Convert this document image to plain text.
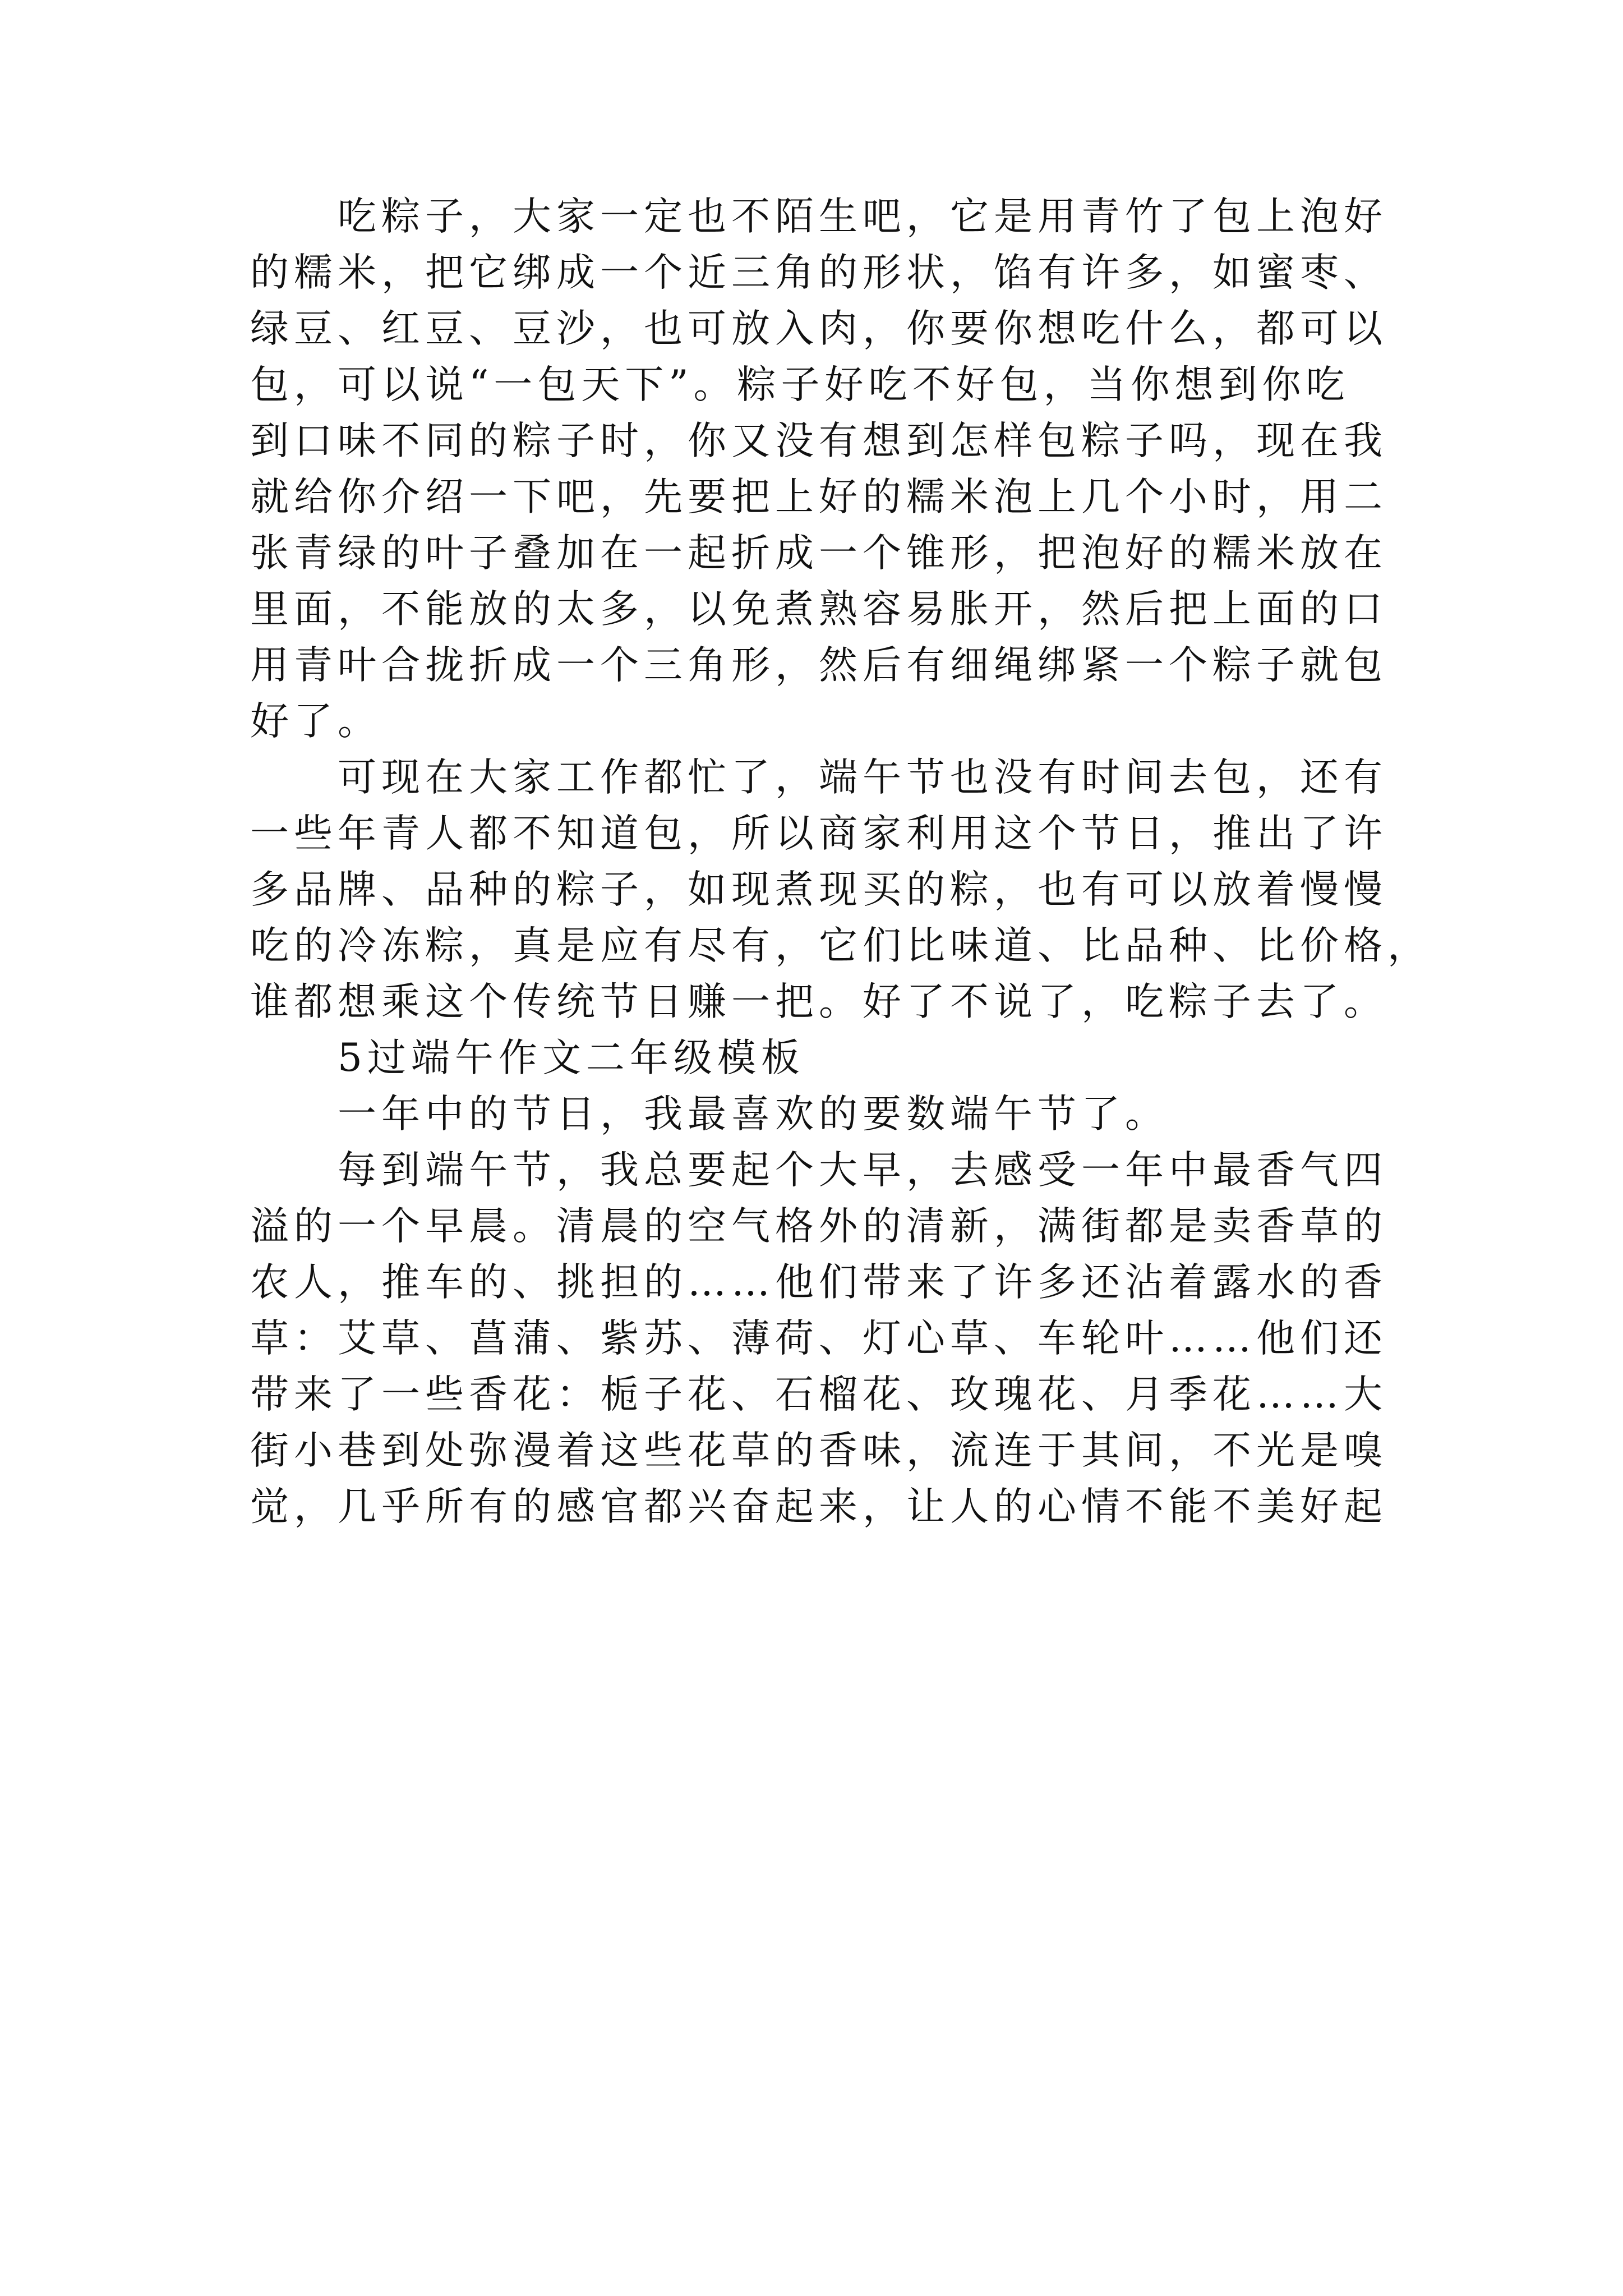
吃粽子，大家一定也不陌生吧，它是用青竹了包上泡好
的糯米，把它绑成一个近三角的形状，馅有许多，如蜜枣、
绿豆、红豆、豆沙，也可放入肉，你要你想吃什么，都可以
包，可以说“一包天下”。粽子好吃不好包，当你想到你吃
到口味不同的粽子时，你又没有想到怎样包粽子吗，现在我
就给你介绍一下吧，先要把上好的糯米泡上几个小时，用二
张青绿的叶子叠加在一起折成一个锥形，把泡好的糯米放在
里面，不能放的太多，以免煮熟容易胀开，然后把上面的口
用青叶合拢折成一个三角形，然后有细绳绑紧一个粽子就包
好了。
可现在大家工作都忙了，端午节也没有时间去包，还有
一些年青人都不知道包，所以商家利用这个节日，推出了许
多品牌、品种的粽子，如现煮现买的粽，也有可以放着慢慢
吃的冷冻粽，真是应有尽有，它们比味道、比品种、比价格，
谁都想乘这个传统节日赚一把。好了不说了，吃粽子去了。
5过端午作文二年级模板
一年中的节日，我最喜欢的要数端午节了。
每到端午节，我总要起个大早，去感受一年中最香气四
溢的一个早晨。清晨的空气格外的清新，满街都是卖香草的
农人，推车的、挑担的……他们带来了许多还沾着露水的香
草：艾草、菖蒲、紫苏、薄荷、灯心草、车轮叶……他们还
带来了一些香花：栀子花、石榴花、玫瑰花、月季花……大
街小巷到处弥漫着这些花草的香味，流连于其间，不光是嗅
觉，几乎所有的感官都兴奋起来，让人的心情不能不美好起
